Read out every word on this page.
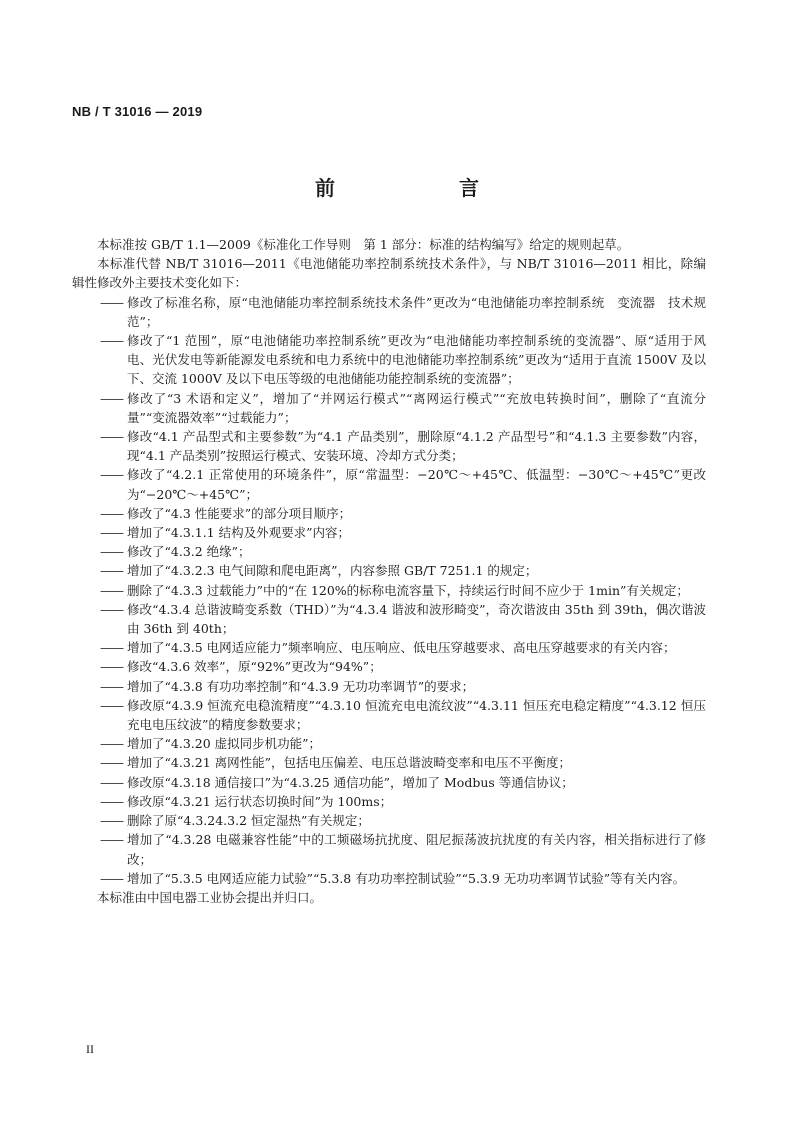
NB / T 31016 — 2019
前　　言

本标准按 GB/T 1.1—2009《标准化工作导则　第 1 部分：标准的结构编写》给定的规则起草。

本标准代替 NB/T 31016—2011《电池储能功率控制系统技术条件》，与 NB/T 31016—2011 相比，除编辑性修改外主要技术变化如下：

—— 修改了标准名称，原“电池储能功率控制系统技术条件”更改为“电池储能功率控制系统　变流器　技术规范”；
—— 修改了“1 范围”，原“电池储能功率控制系统”更改为“电池储能功率控制系统的变流器”、原“适用于风电、光伏发电等新能源发电系统和电力系统中的电池储能功率控制系统”更改为“适用于直流 1500V 及以下、交流 1000V 及以下电压等级的电池储能功能控制系统的变流器”；
—— 修改了“3 术语和定义”，增加了“并网运行模式”“离网运行模式”“充放电转换时间”，删除了“直流分量”“变流器效率”“过载能力”；
—— 修改“4.1 产品型式和主要参数”为“4.1 产品类别”，删除原“4.1.2 产品型号”和“4.1.3 主要参数”内容，现“4.1 产品类别”按照运行模式、安装环境、冷却方式分类；
—— 修改了“4.2.1 正常使用的环境条件”，原“常温型：−20℃～+45℃、低温型：−30℃～+45℃”更改为“−20℃～+45℃”；
—— 修改了“4.3 性能要求”的部分项目顺序；
—— 增加了“4.3.1.1 结构及外观要求”内容；
—— 修改了“4.3.2 绝缘”；
—— 增加了“4.3.2.3 电气间隙和爬电距离”，内容参照 GB/T 7251.1 的规定；
—— 删除了“4.3.3 过载能力”中的“在 120%的标称电流容量下，持续运行时间不应少于 1min”有关规定；
—— 修改“4.3.4 总谐波畸变系数（THD）”为“4.3.4 谐波和波形畸变”，奇次谐波由 35th 到 39th，偶次谐波由 36th 到 40th；
—— 增加了“4.3.5 电网适应能力”频率响应、电压响应、低电压穿越要求、高电压穿越要求的有关内容；
—— 修改“4.3.6 效率”，原“92%”更改为“94%”；
—— 增加了“4.3.8 有功功率控制”和“4.3.9 无功功率调节”的要求；
—— 修改原“4.3.9 恒流充电稳流精度”“4.3.10 恒流充电电流纹波”“4.3.11 恒压充电稳定精度”“4.3.12 恒压充电电压纹波”的精度参数要求；
—— 增加了“4.3.20 虚拟同步机功能”；
—— 增加了“4.3.21 离网性能”，包括电压偏差、电压总谐波畸变率和电压不平衡度；
—— 修改原“4.3.18 通信接口”为“4.3.25 通信功能”，增加了 Modbus 等通信协议；
—— 修改原“4.3.21 运行状态切换时间”为 100ms；
—— 删除了原“4.3.24.3.2 恒定湿热”有关规定；
—— 增加了“4.3.28 电磁兼容性能”中的工频磁场抗扰度、阻尼振荡波抗扰度的有关内容，相关指标进行了修改；
—— 增加了“5.3.5 电网适应能力试验”“5.3.8 有功功率控制试验”“5.3.9 无功功率调节试验”等有关内容。

本标准由中国电器工业协会提出并归口。

II
